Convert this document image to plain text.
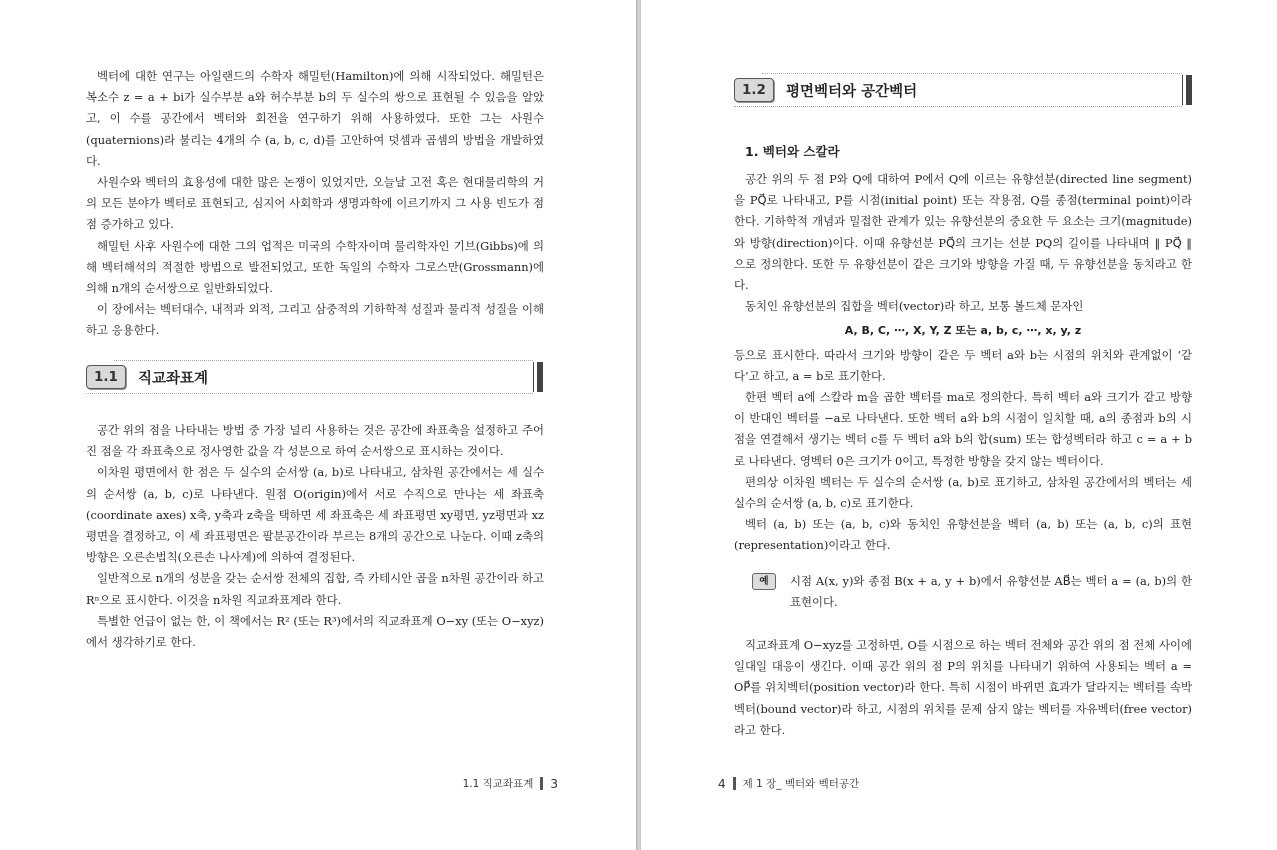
벡터에 대한 연구는 아일랜드의 수학자 해밀턴(Hamilton)에 의해 시작되었다. 해밀턴은 복소수 z = a + bi가 실수부분 a와 허수부분 b의 두 실수의 쌍으로 표현될 수 있음을 알았고, 이 수를 공간에서 벡터와 회전을 연구하기 위해 사용하였다. 또한 그는 사원수(quaternions)라 불리는 4개의 수 (a, b, c, d)를 고안하여 덧셈과 곱셈의 방법을 개발하였다.

사원수와 벡터의 효용성에 대한 많은 논쟁이 있었지만, 오늘날 고전 혹은 현대물리학의 거의 모든 분야가 벡터로 표현되고, 심지어 사회학과 생명과학에 이르기까지 그 사용 빈도가 점점 증가하고 있다.

해밀턴 사후 사원수에 대한 그의 업적은 미국의 수학자이며 물리학자인 기브(Gibbs)에 의해 벡터해석의 적절한 방법으로 발전되었고, 또한 독일의 수학자 그로스만(Grossmann)에 의해 n개의 순서쌍으로 일반화되었다.

이 장에서는 벡터대수, 내적과 외적, 그리고 삼중적의 기하학적 성질과 물리적 성질을 이해하고 응용한다.

1.1	직교좌표계

공간 위의 점을 나타내는 방법 중 가장 널리 사용하는 것은 공간에 좌표축을 설정하고 주어진 점을 각 좌표축으로 정사영한 값을 각 성분으로 하여 순서쌍으로 표시하는 것이다.

이차원 평면에서 한 점은 두 실수의 순서쌍 (a, b)로 나타내고, 삼차원 공간에서는 세 실수의 순서쌍 (a, b, c)로 나타낸다. 원점 O(origin)에서 서로 수직으로 만나는 세 좌표축(coordinate axes) x축, y축과 z축을 택하면 세 좌표축은 세 좌표평면 xy평면, yz평면과 xz평면을 결정하고, 이 세 좌표평면은 팔분공간이라 부르는 8개의 공간으로 나눈다. 이때 z축의 방향은 오른손법칙(오른손 나사계)에 의하여 결정된다.

일반적으로 n개의 성분을 갖는 순서쌍 전체의 집합, 즉 카테시안 곱을 n차원 공간이라 하고 Rⁿ으로 표시한다. 이것을 n차원 직교좌표계라 한다.

특별한 언급이 없는 한, 이 책에서는 R² (또는 R³)에서의 직교좌표계 O−xy (또는 O−xyz)에서 생각하기로 한다.

1.1 직교좌표계 3
1.2	평면벡터와 공간벡터
1. 벡터와 스칼라

공간 위의 두 점 P와 Q에 대하여 P에서 Q에 이르는 유향선분(directed line segment)을 PQ⃗로 나타내고, P를 시점(initial point) 또는 작용점, Q를 종점(terminal point)이라 한다. 기하학적 개념과 밀접한 관계가 있는 유향선분의 중요한 두 요소는 크기(magnitude)와 방향(direction)이다. 이때 유향선분 PQ⃗의 크기는 선분 PQ의 길이를 나타내며 ‖ PQ⃗ ‖ 으로 정의한다. 또한 두 유향선분이 같은 크기와 방향을 가질 때, 두 유향선분을 동치라고 한다.

동치인 유향선분의 집합을 벡터(vector)라 하고, 보통 볼드체 문자인

A, B, C, ⋯, X, Y, Z 또는 a, b, c, ⋯, x, y, z

등으로 표시한다. 따라서 크기와 방향이 같은 두 벡터 a와 b는 시점의 위치와 관계없이 ‘같다’고 하고, a = b로 표기한다.

한편 벡터 a에 스칼라 m을 곱한 벡터를 ma로 정의한다. 특히 벡터 a와 크기가 같고 방향이 반대인 벡터를 −a로 나타낸다. 또한 벡터 a와 b의 시점이 일치할 때, a의 종점과 b의 시점을 연결해서 생기는 벡터 c를 두 벡터 a와 b의 합(sum) 또는 합성벡터라 하고 c = a + b로 나타낸다. 영벡터 0은 크기가 0이고, 특정한 방향을 갖지 않는 벡터이다.

편의상 이차원 벡터는 두 실수의 순서쌍 (a, b)로 표기하고, 삼차원 공간에서의 벡터는 세 실수의 순서쌍 (a, b, c)로 표기한다.

벡터 (a, b) 또는 (a, b, c)와 동치인 유향선분을 벡터 (a, b) 또는 (a, b, c)의 표현(representation)이라고 한다.

예	시점 A(x, y)와 종점 B(x + a, y + b)에서 유향선분 AB⃗는 벡터 a = (a, b)의 한 표현이다.

직교좌표계 O−xyz를 고정하면, O를 시점으로 하는 벡터 전체와 공간 위의 점 전체 사이에 일대일 대응이 생긴다. 이때 공간 위의 점 P의 위치를 나타내기 위하여 사용되는 벡터 a = OP⃗를 위치벡터(position vector)라 한다. 특히 시점이 바뀌면 효과가 달라지는 벡터를 속박벡터(bound vector)라 하고, 시점의 위치를 문제 삼지 않는 벡터를 자유벡터(free vector)라고 한다.

4 제 1 장_ 벡터와 벡터공간
